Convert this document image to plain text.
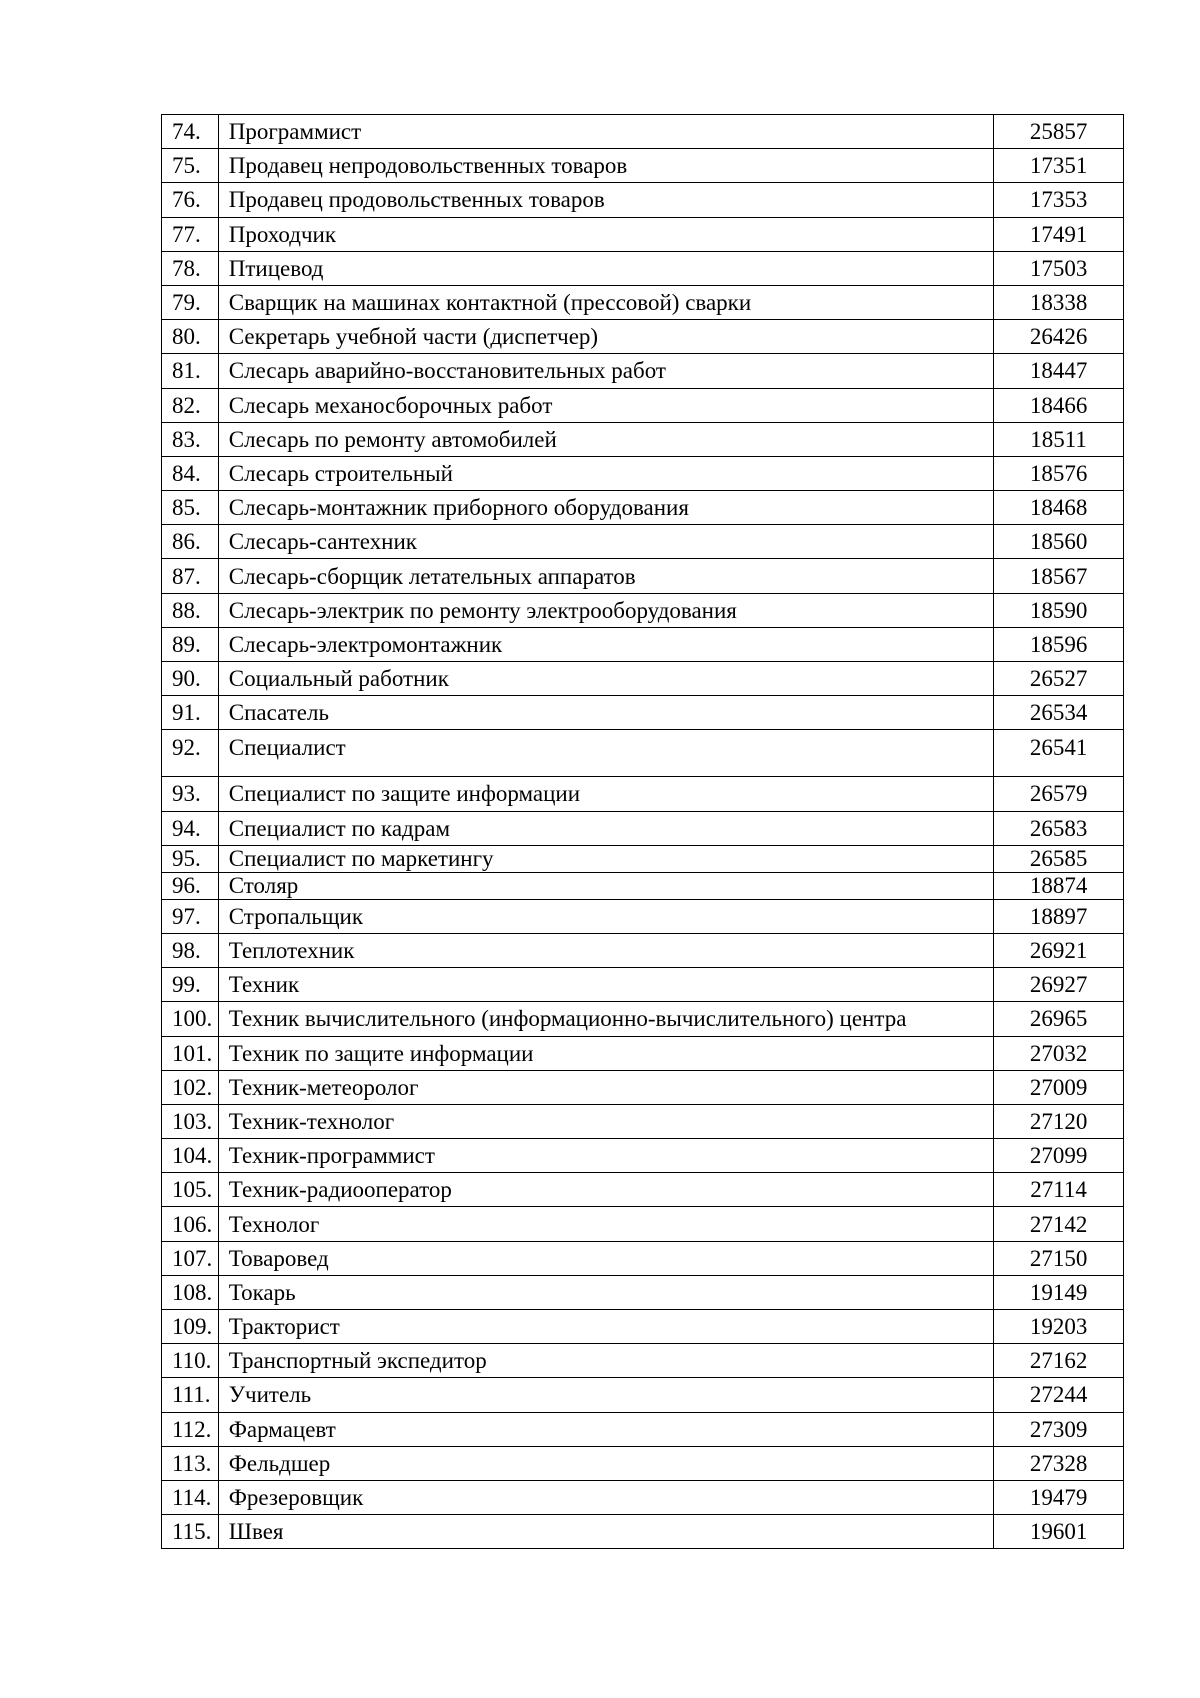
74.	Программист	25857
75.	Продавец непродовольственных товаров	17351
76.	Продавец продовольственных товаров	17353
77.	Проходчик	17491
78.	Птицевод	17503
79.	Сварщик на машинах контактной (прессовой) сварки	18338
80.	Секретарь учебной части (диспетчер)	26426
81.	Слесарь аварийно-восстановительных работ	18447
82.	Слесарь механосборочных работ	18466
83.	Слесарь по ремонту автомобилей	18511
84.	Слесарь строительный	18576
85.	Слесарь-монтажник приборного оборудования	18468
86.	Слесарь-сантехник	18560
87.	Слесарь-сборщик летательных аппаратов	18567
88.	Слесарь-электрик по ремонту электрооборудования	18590
89.	Слесарь-электромонтажник	18596
90.	Социальный работник	26527
91.	Спасатель	26534
92.	Специалист	26541
93.	Специалист по защите информации	26579
94.	Специалист по кадрам	26583
95.	Специалист по маркетингу	26585
96.	Столяр	18874
97.	Стропальщик	18897
98.	Теплотехник	26921
99.	Техник	26927
100.	Техник вычислительного (информационно-вычислительного) центра	26965
101.	Техник по защите информации	27032
102.	Техник-метеоролог	27009
103.	Техник-технолог	27120
104.	Техник-программист	27099
105.	Техник-радиооператор	27114
106.	Технолог	27142
107.	Товаровед	27150
108.	Токарь	19149
109.	Тракторист	19203
110.	Транспортный экспедитор	27162
111.	Учитель	27244
112.	Фармацевт	27309
113.	Фельдшер	27328
114.	Фрезеровщик	19479
115.	Швея	19601
